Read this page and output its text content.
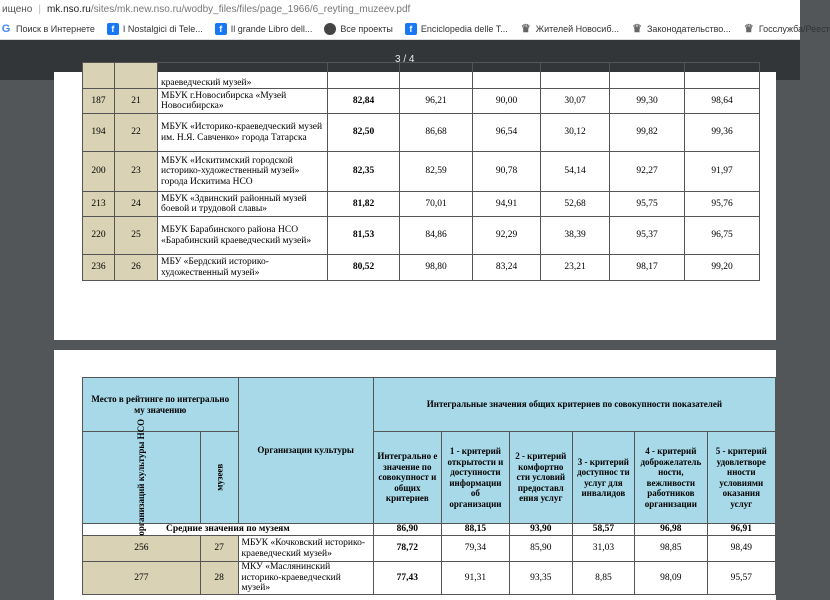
ищено | mk.nso.ru /sites/mk.new.nso.ru/wodby_files/files/page_1966/6_reyting_muzeev.pdf
G Поиск в Интернете	f I Nostalgici di Tele...	f Il grande Libro dell...	Все проекты	f Enciclopedia delle T... ♛ Жителей Новосиб... ♛ Законодательство... ♛ Госслужба/Реест
		краеведческий музей»						
187	21	МБУК г.Новосибирска «Музей Новосибирска»	82,84	96,21	90,00	30,07	99,30	98,64
194	22	МБУК «Историко-краеведческий музей им. Н.Я. Савченко» города Татарска	82,50	86,68	96,54	30,12	99,82	99,36
200	23	МБУК «Искитимский городской историко-художественный музей» города Искитима НСО	82,35	82,59	90,78	54,14	92,27	91,97
213	24	МБУК «Здвинский районный музей боевой и трудовой славы»	81,82	70,01	94,91	52,68	95,75	95,76
220	25	МБУК Барабинского района НСО «Барабинский краеведческий музей»	81,53	84,86	92,29	38,39	95,37	96,75
236	26	МБУ «Бердский историко-художественный музей»	80,52	98,80	83,24	23,21	98,17	99,20
3 / 4
Место в рейтинге по интегрально му значению		Организации культуры	Интегральные значения общих критериев по совокупности показателей					
организаций культуры НСО	музеев		Интегрально е значение по совокупност и общих критериев	1 - критерий открытости и доступности информации об организации	2 - критерий комфортно сти условий предоставл ения услуг	3 - критерий доступнос ти услуг для инвалидов	4 - критерий доброжелатель ности, вежливости работников организации	5 - критерий удовлетворе нности условиями оказания услуг
Средние значения по музеям			86,90	88,15	93,90	58,57	96,98	96,91
256	27	МБУК «Кочковский историко-краеведческий музей»	78,72	79,34	85,90	31,03	98,85	98,49
277	28	МКУ «Маслянинский историко-краеведческий музей»	77,43	91,31	93,35	8,85	98,09	95,57
